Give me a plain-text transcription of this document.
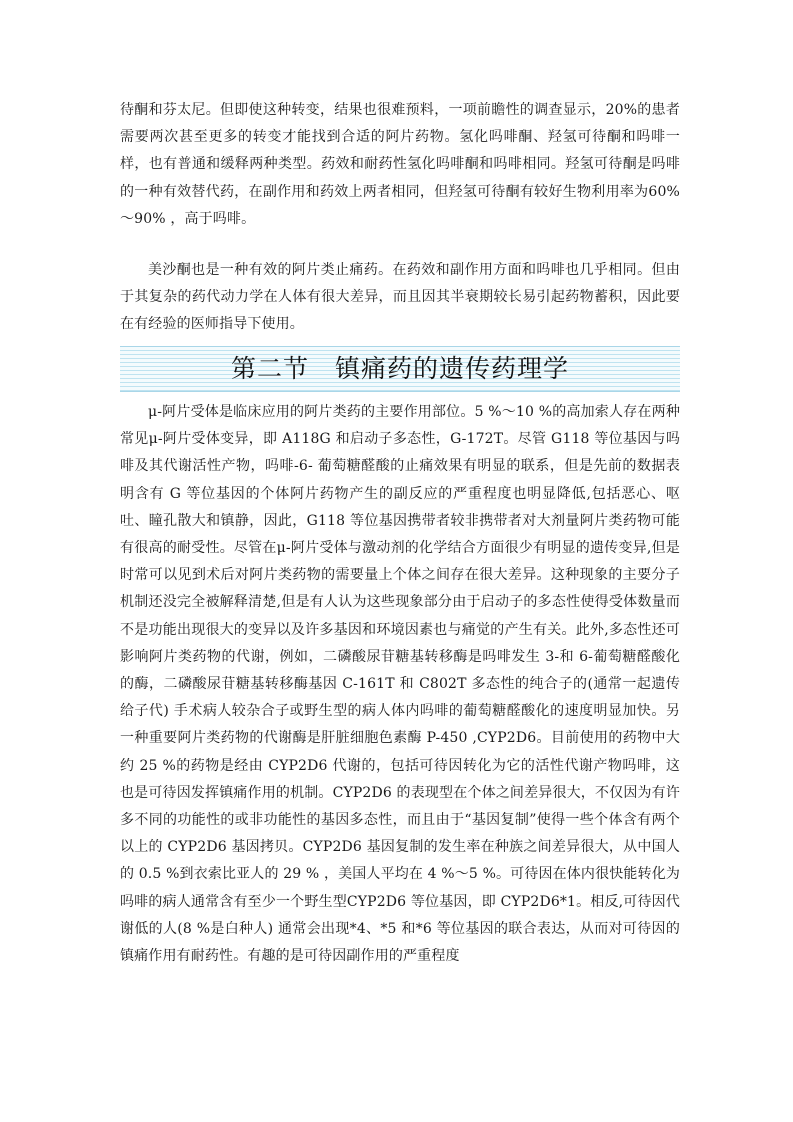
待酮和芬太尼。但即使这种转变，结果也很难预料，一项前瞻性的调查显示，20%的患者需要两次甚至更多的转变才能找到合适的阿片药物。氢化吗啡酮、羟氢可待酮和吗啡一样，也有普通和缓释两种类型。药效和耐药性氢化吗啡酮和吗啡相同。羟氢可待酮是吗啡的一种有效替代药，在副作用和药效上两者相同，但羟氢可待酮有较好生物利用率为60%～90% ，高于吗啡。

美沙酮也是一种有效的阿片类止痛药。在药效和副作用方面和吗啡也几乎相同。但由于其复杂的药代动力学在人体有很大差异，而且因其半衰期较长易引起药物蓄积，因此要在有经验的医师指导下使用。

第二节　镇痛药的遗传药理学

μ-阿片受体是临床应用的阿片类药的主要作用部位。5 %～10 %的高加索人存在两种常见μ-阿片受体变异，即 A118G 和启动子多态性，G-172T。尽管 G118 等位基因与吗啡及其代谢活性产物，吗啡-6- 葡萄糖醛酸的止痛效果有明显的联系，但是先前的数据表明含有 G 等位基因的个体阿片药物产生的副反应的严重程度也明显降低,包括恶心、呕吐、瞳孔散大和镇静，因此，G118 等位基因携带者较非携带者对大剂量阿片类药物可能有很高的耐受性。尽管在μ-阿片受体与激动剂的化学结合方面很少有明显的遗传变异,但是时常可以见到术后对阿片类药物的需要量上个体之间存在很大差异。这种现象的主要分子机制还没完全被解释清楚,但是有人认为这些现象部分由于启动子的多态性使得受体数量而不是功能出现很大的变异以及许多基因和环境因素也与痛觉的产生有关。此外,多态性还可影响阿片类药物的代谢，例如，二磷酸尿苷糖基转移酶是吗啡发生 3-和 6-葡萄糖醛酸化的酶，二磷酸尿苷糖基转移酶基因 C-161T 和 C802T 多态性的纯合子的(通常一起遗传给子代) 手术病人较杂合子或野生型的病人体内吗啡的葡萄糖醛酸化的速度明显加快。另一种重要阿片类药物的代谢酶是肝脏细胞色素酶 P-450 ,CYP2D6。目前使用的药物中大约 25 %的药物是经由 CYP2D6 代谢的，包括可待因转化为它的活性代谢产物吗啡，这也是可待因发挥镇痛作用的机制。CYP2D6 的表现型在个体之间差异很大，不仅因为有许多不同的功能性的或非功能性的基因多态性，而且由于“基因复制”使得一些个体含有两个以上的 CYP2D6 基因拷贝。CYP2D6 基因复制的发生率在种族之间差异很大，从中国人的 0.5 %到衣索比亚人的 29 % ，美国人平均在 4 %～5 %。可待因在体内很快能转化为吗啡的病人通常含有至少一个野生型CYP2D6 等位基因，即 CYP2D6*1。相反,可待因代谢低的人(8 %是白种人) 通常会出现*4、*5 和*6 等位基因的联合表达，从而对可待因的镇痛作用有耐药性。有趣的是可待因副作用的严重程度
